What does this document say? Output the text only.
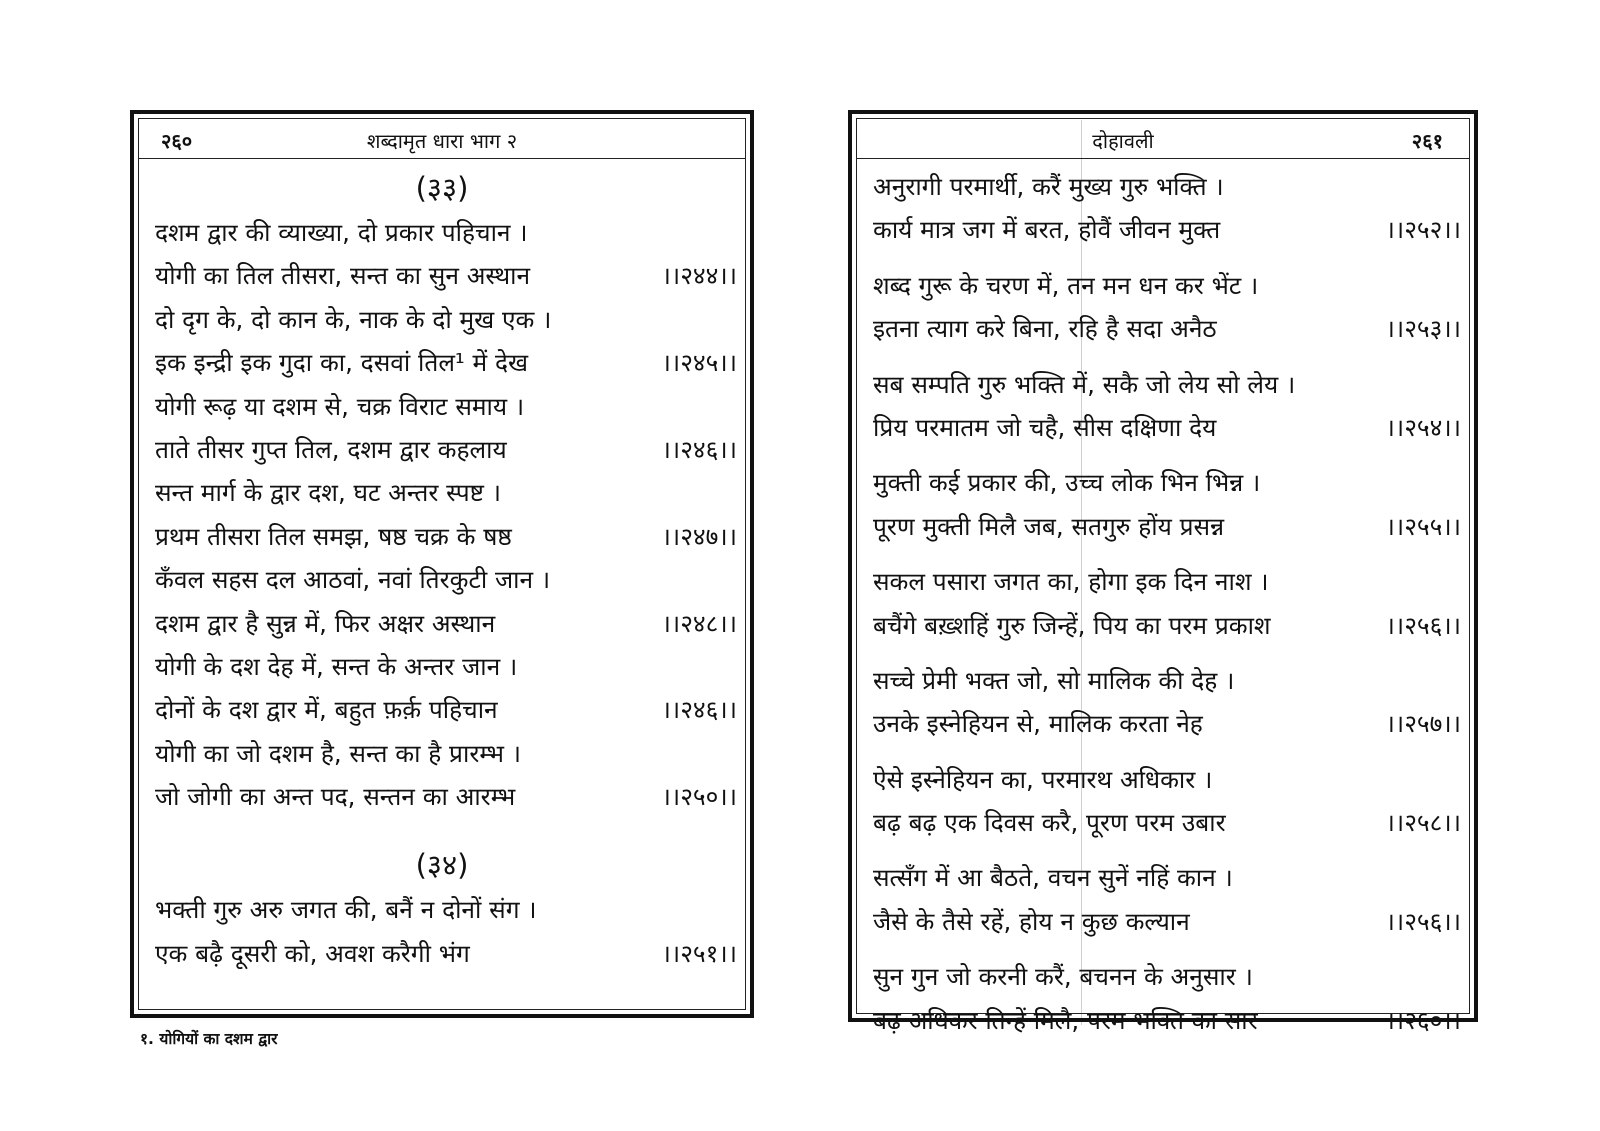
२६०	शब्दामृत धारा भाग २
(३३)
दशम द्वार की व्याख्या, दो प्रकार पहिचान ।
योगी का तिल तीसरा, सन्त का सुन अस्थान	।।२४४।।
दो दृग के, दो कान के, नाक के दो मुख एक ।
इक इन्द्री इक गुदा का, दसवां तिल¹ में देख	।।२४५।।
योगी रूढ़ या दशम से, चक्र विराट समाय ।
ताते तीसर गुप्त तिल, दशम द्वार कहलाय	।।२४६।।
सन्त मार्ग के द्वार दश, घट अन्तर स्पष्ट ।
प्रथम तीसरा तिल समझ, षष्ठ चक्र के षष्ठ	।।२४७।।
कँवल सहस दल आठवां, नवां तिरकुटी जान ।
दशम द्वार है सुन्न में, फिर अक्षर अस्थान	।।२४८।।
योगी के दश देह में, सन्त के अन्तर जान ।
दोनों के दश द्वार में, बहुत फ़र्क़ पहिचान	।।२४६।।
योगी का जो दशम है, सन्त का है प्रारम्भ ।
जो जोगी का अन्त पद, सन्तन का आरम्भ	।।२५०।।
(३४)
भक्ती गुरु अरु जगत की, बनैं न दोनों संग ।
एक बढ़ै दूसरी को, अवश करैगी भंग	।।२५१।।
१. योगियों का दशम द्वार
दोहावली	२६१
अनुरागी परमार्थी, करैं मुख्य गुरु भक्ति ।
कार्य मात्र जग में बरत, होवैं जीवन मुक्त	।।२५२।।
शब्द गुरू के चरण में, तन मन धन कर भेंट ।
इतना त्याग करे बिना, रहि है सदा अनैठ	।।२५३।।
सब सम्पति गुरु भक्ति में, सकै जो लेय सो लेय ।
प्रिय परमातम जो चहै, सीस दक्षिणा देय	।।२५४।।
मुक्ती कई प्रकार की, उच्च लोक भिन भिन्न ।
पूरण मुक्ती मिलै जब, सतगुरु होंय प्रसन्न	।।२५५।।
सकल पसारा जगत का, होगा इक दिन नाश ।
बचैंगे बख़्शहिं गुरु जिन्हें, पिय का परम प्रकाश	।।२५६।।
सच्चे प्रेमी भक्त जो, सो मालिक की देह ।
उनके इस्नेहियन से, मालिक करता नेह	।।२५७।।
ऐसे इस्नेहियन का, परमारथ अधिकार ।
बढ़ बढ़ एक दिवस करै, पूरण परम उबार	।।२५८।।
सत्सँग में आ बैठते, वचन सुनें नहिं कान ।
जैसे के तैसे रहें, होय न कुछ कल्यान	।।२५६।।
सुन गुन जो करनी करैं, बचनन के अनुसार ।
बढ़ अधिकर तिन्हें मिलै, परम भक्ति का सार	।।२६०।।
